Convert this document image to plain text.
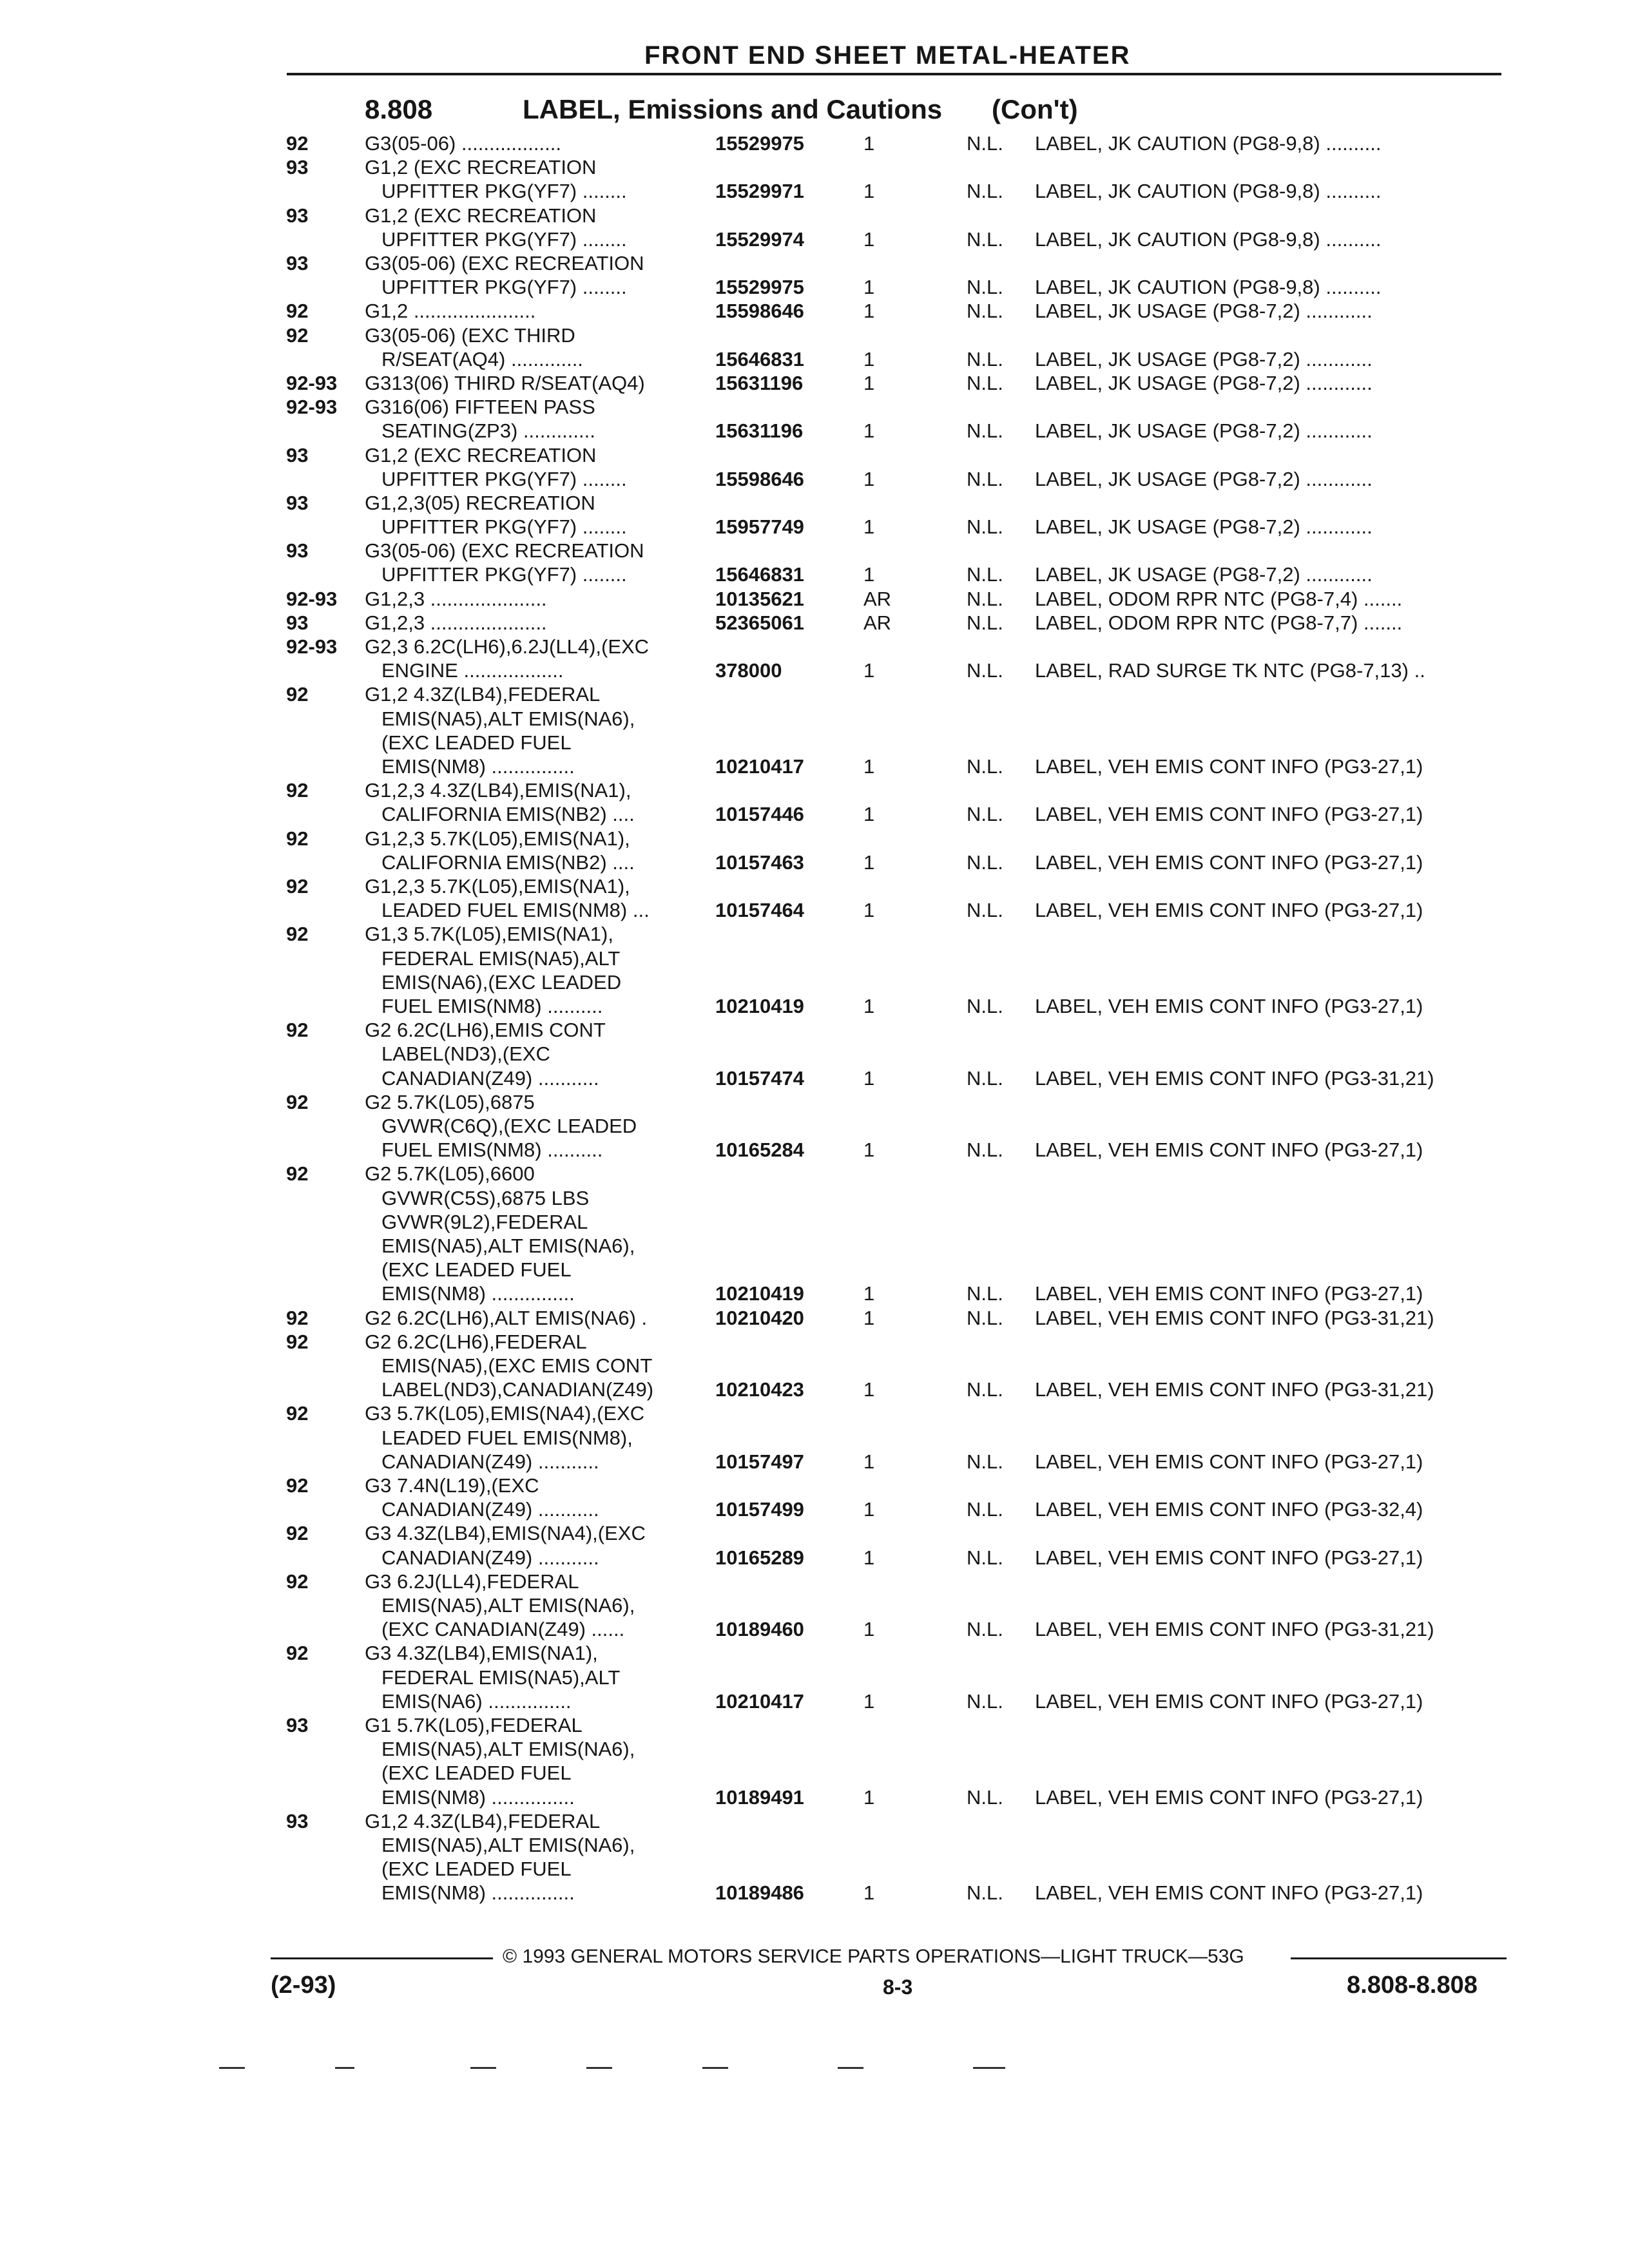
FRONT END SHEET METAL-HEATER
8.808	LABEL, Emissions and Cautions (Con't)
92	G3(05-06) ..................	15529975	1	N.L. LABEL, JK CAUTION (PG8-9,8) ..........
93	G1,2 (EXC RECREATION
UPFITTER PKG(YF7) ........	15529971	1	N.L. LABEL, JK CAUTION (PG8-9,8) ..........
93	G1,2 (EXC RECREATION
UPFITTER PKG(YF7) ........	15529974	1	N.L. LABEL, JK CAUTION (PG8-9,8) ..........
93	G3(05-06) (EXC RECREATION
UPFITTER PKG(YF7) ........	15529975	1	N.L. LABEL, JK CAUTION (PG8-9,8) ..........
92	G1,2 ......................	15598646	1	N.L. LABEL, JK USAGE (PG8-7,2) ............
92	G3(05-06) (EXC THIRD
R/SEAT(AQ4) .............	15646831	1	N.L. LABEL, JK USAGE (PG8-7,2) ............
92-93 G313(06) THIRD R/SEAT(AQ4)	15631196	1	N.L. LABEL, JK USAGE (PG8-7,2) ............
92-93 G316(06) FIFTEEN PASS
SEATING(ZP3) .............	15631196	1	N.L. LABEL, JK USAGE (PG8-7,2) ............
93	G1,2 (EXC RECREATION
UPFITTER PKG(YF7) ........	15598646	1	N.L. LABEL, JK USAGE (PG8-7,2) ............
93	G1,2,3(05) RECREATION
UPFITTER PKG(YF7) ........	15957749	1	N.L. LABEL, JK USAGE (PG8-7,2) ............
93	G3(05-06) (EXC RECREATION
UPFITTER PKG(YF7) ........	15646831	1	N.L. LABEL, JK USAGE (PG8-7,2) ............
92-93 G1,2,3 .....................	10135621	AR	N.L. LABEL, ODOM RPR NTC (PG8-7,4) .......
93	G1,2,3 .....................	52365061	AR	N.L. LABEL, ODOM RPR NTC (PG8-7,7) .......
92-93 G2,3 6.2C(LH6),6.2J(LL4),(EXC
ENGINE ..................	378000	1	N.L. LABEL, RAD SURGE TK NTC (PG8-7,13) ..
92	G1,2 4.3Z(LB4),FEDERAL
EMIS(NA5),ALT EMIS(NA6),
(EXC LEADED FUEL
EMIS(NM8) ...............	10210417	1	N.L. LABEL, VEH EMIS CONT INFO (PG3-27,1)
92	G1,2,3 4.3Z(LB4),EMIS(NA1),
CALIFORNIA EMIS(NB2) ....	10157446	1	N.L. LABEL, VEH EMIS CONT INFO (PG3-27,1)
92	G1,2,3 5.7K(L05),EMIS(NA1),
CALIFORNIA EMIS(NB2) ....	10157463	1	N.L. LABEL, VEH EMIS CONT INFO (PG3-27,1)
92	G1,2,3 5.7K(L05),EMIS(NA1),
LEADED FUEL EMIS(NM8) ...	10157464	1	N.L. LABEL, VEH EMIS CONT INFO (PG3-27,1)
92	G1,3 5.7K(L05),EMIS(NA1),
FEDERAL EMIS(NA5),ALT
EMIS(NA6),(EXC LEADED
FUEL EMIS(NM8) ..........	10210419	1	N.L. LABEL, VEH EMIS CONT INFO (PG3-27,1)
92	G2 6.2C(LH6),EMIS CONT
LABEL(ND3),(EXC
CANADIAN(Z49) ...........	10157474	1	N.L. LABEL, VEH EMIS CONT INFO (PG3-31,21)
92	G2 5.7K(L05),6875
GVWR(C6Q),(EXC LEADED
FUEL EMIS(NM8) ..........	10165284	1	N.L. LABEL, VEH EMIS CONT INFO (PG3-27,1)
92	G2 5.7K(L05),6600
GVWR(C5S),6875 LBS
GVWR(9L2),FEDERAL
EMIS(NA5),ALT EMIS(NA6),
(EXC LEADED FUEL
EMIS(NM8) ...............	10210419	1	N.L. LABEL, VEH EMIS CONT INFO (PG3-27,1)
92	G2 6.2C(LH6),ALT EMIS(NA6) .	10210420	1	N.L. LABEL, VEH EMIS CONT INFO (PG3-31,21)
92	G2 6.2C(LH6),FEDERAL
EMIS(NA5),(EXC EMIS CONT
LABEL(ND3),CANADIAN(Z49)	10210423	1	N.L. LABEL, VEH EMIS CONT INFO (PG3-31,21)
92	G3 5.7K(L05),EMIS(NA4),(EXC
LEADED FUEL EMIS(NM8),
CANADIAN(Z49) ...........	10157497	1	N.L. LABEL, VEH EMIS CONT INFO (PG3-27,1)
92	G3 7.4N(L19),(EXC
CANADIAN(Z49) ...........	10157499	1	N.L. LABEL, VEH EMIS CONT INFO (PG3-32,4)
92	G3 4.3Z(LB4),EMIS(NA4),(EXC
CANADIAN(Z49) ...........	10165289	1	N.L. LABEL, VEH EMIS CONT INFO (PG3-27,1)
92	G3 6.2J(LL4),FEDERAL
EMIS(NA5),ALT EMIS(NA6),
(EXC CANADIAN(Z49) ......	10189460	1	N.L. LABEL, VEH EMIS CONT INFO (PG3-31,21)
92	G3 4.3Z(LB4),EMIS(NA1),
FEDERAL EMIS(NA5),ALT
EMIS(NA6) ...............	10210417	1	N.L. LABEL, VEH EMIS CONT INFO (PG3-27,1)
93	G1 5.7K(L05),FEDERAL
EMIS(NA5),ALT EMIS(NA6),
(EXC LEADED FUEL
EMIS(NM8) ...............	10189491	1	N.L. LABEL, VEH EMIS CONT INFO (PG3-27,1)
93	G1,2 4.3Z(LB4),FEDERAL
EMIS(NA5),ALT EMIS(NA6),
(EXC LEADED FUEL
EMIS(NM8) ...............	10189486	1	N.L. LABEL, VEH EMIS CONT INFO (PG3-27,1)
© 1993 GENERAL MOTORS SERVICE PARTS OPERATIONS—LIGHT TRUCK—53G
(2-93)	8-3	8.808-8.808
